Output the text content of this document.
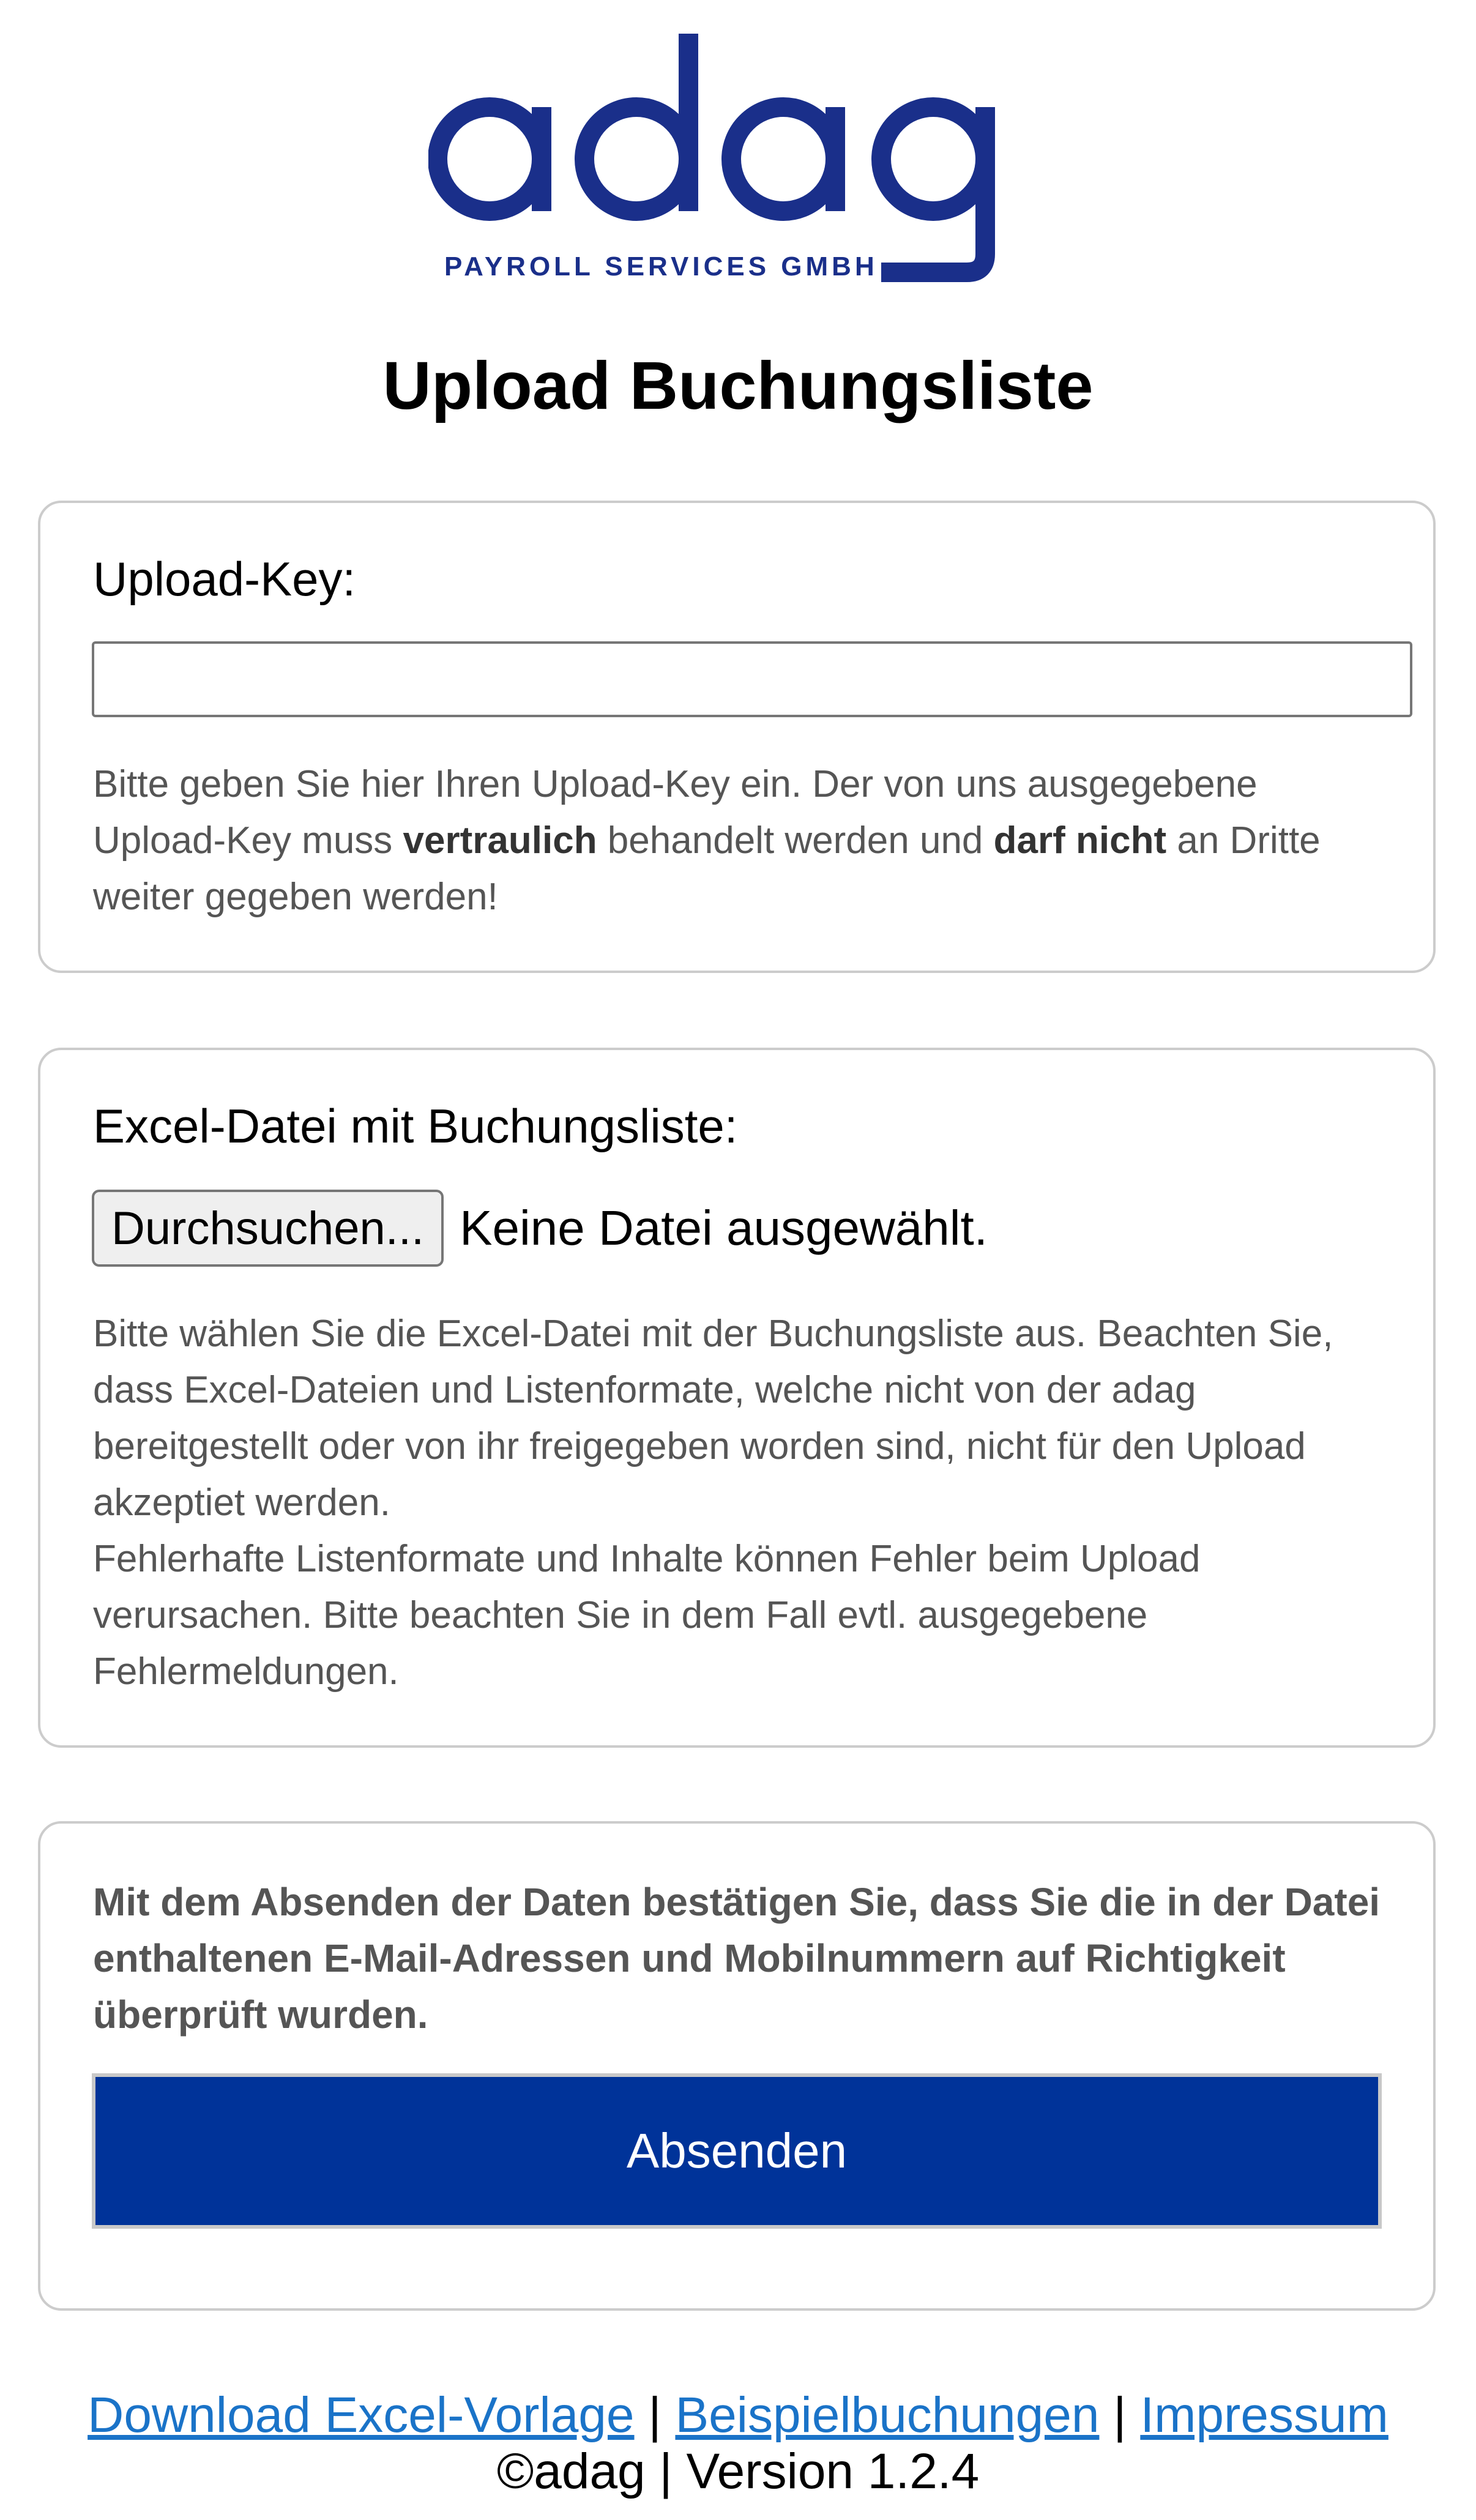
PAYROLL SERVICES GMBH
Upload Buchungsliste
Upload-Key:
Bitte geben Sie hier Ihren Upload-Key ein. Der von uns ausgegebene Upload-Key muss vertraulich behandelt werden und darf nicht an Dritte weiter gegeben werden!
Excel-Datei mit Buchungsliste:
Durchsuchen... Keine Datei ausgewählt.
Bitte wählen Sie die Excel-Datei mit der Buchungsliste aus. Beachten Sie, dass Excel-Dateien und Listenformate, welche nicht von der adag bereitgestellt oder von ihr freigegeben worden sind, nicht für den Upload akzeptiet werden.
Fehlerhafte Listenformate und Inhalte können Fehler beim Upload verursachen. Bitte beachten Sie in dem Fall evtl. ausgegebene Fehlermeldungen.
Mit dem Absenden der Daten bestätigen Sie, dass Sie die in der Datei enthaltenen E-Mail-Adressen und Mobilnummern auf Richtigkeit überprüft wurden.
Absenden
Download Excel-Vorlage | Beispielbuchungen | Impressum
©adag | Version 1.2.4
